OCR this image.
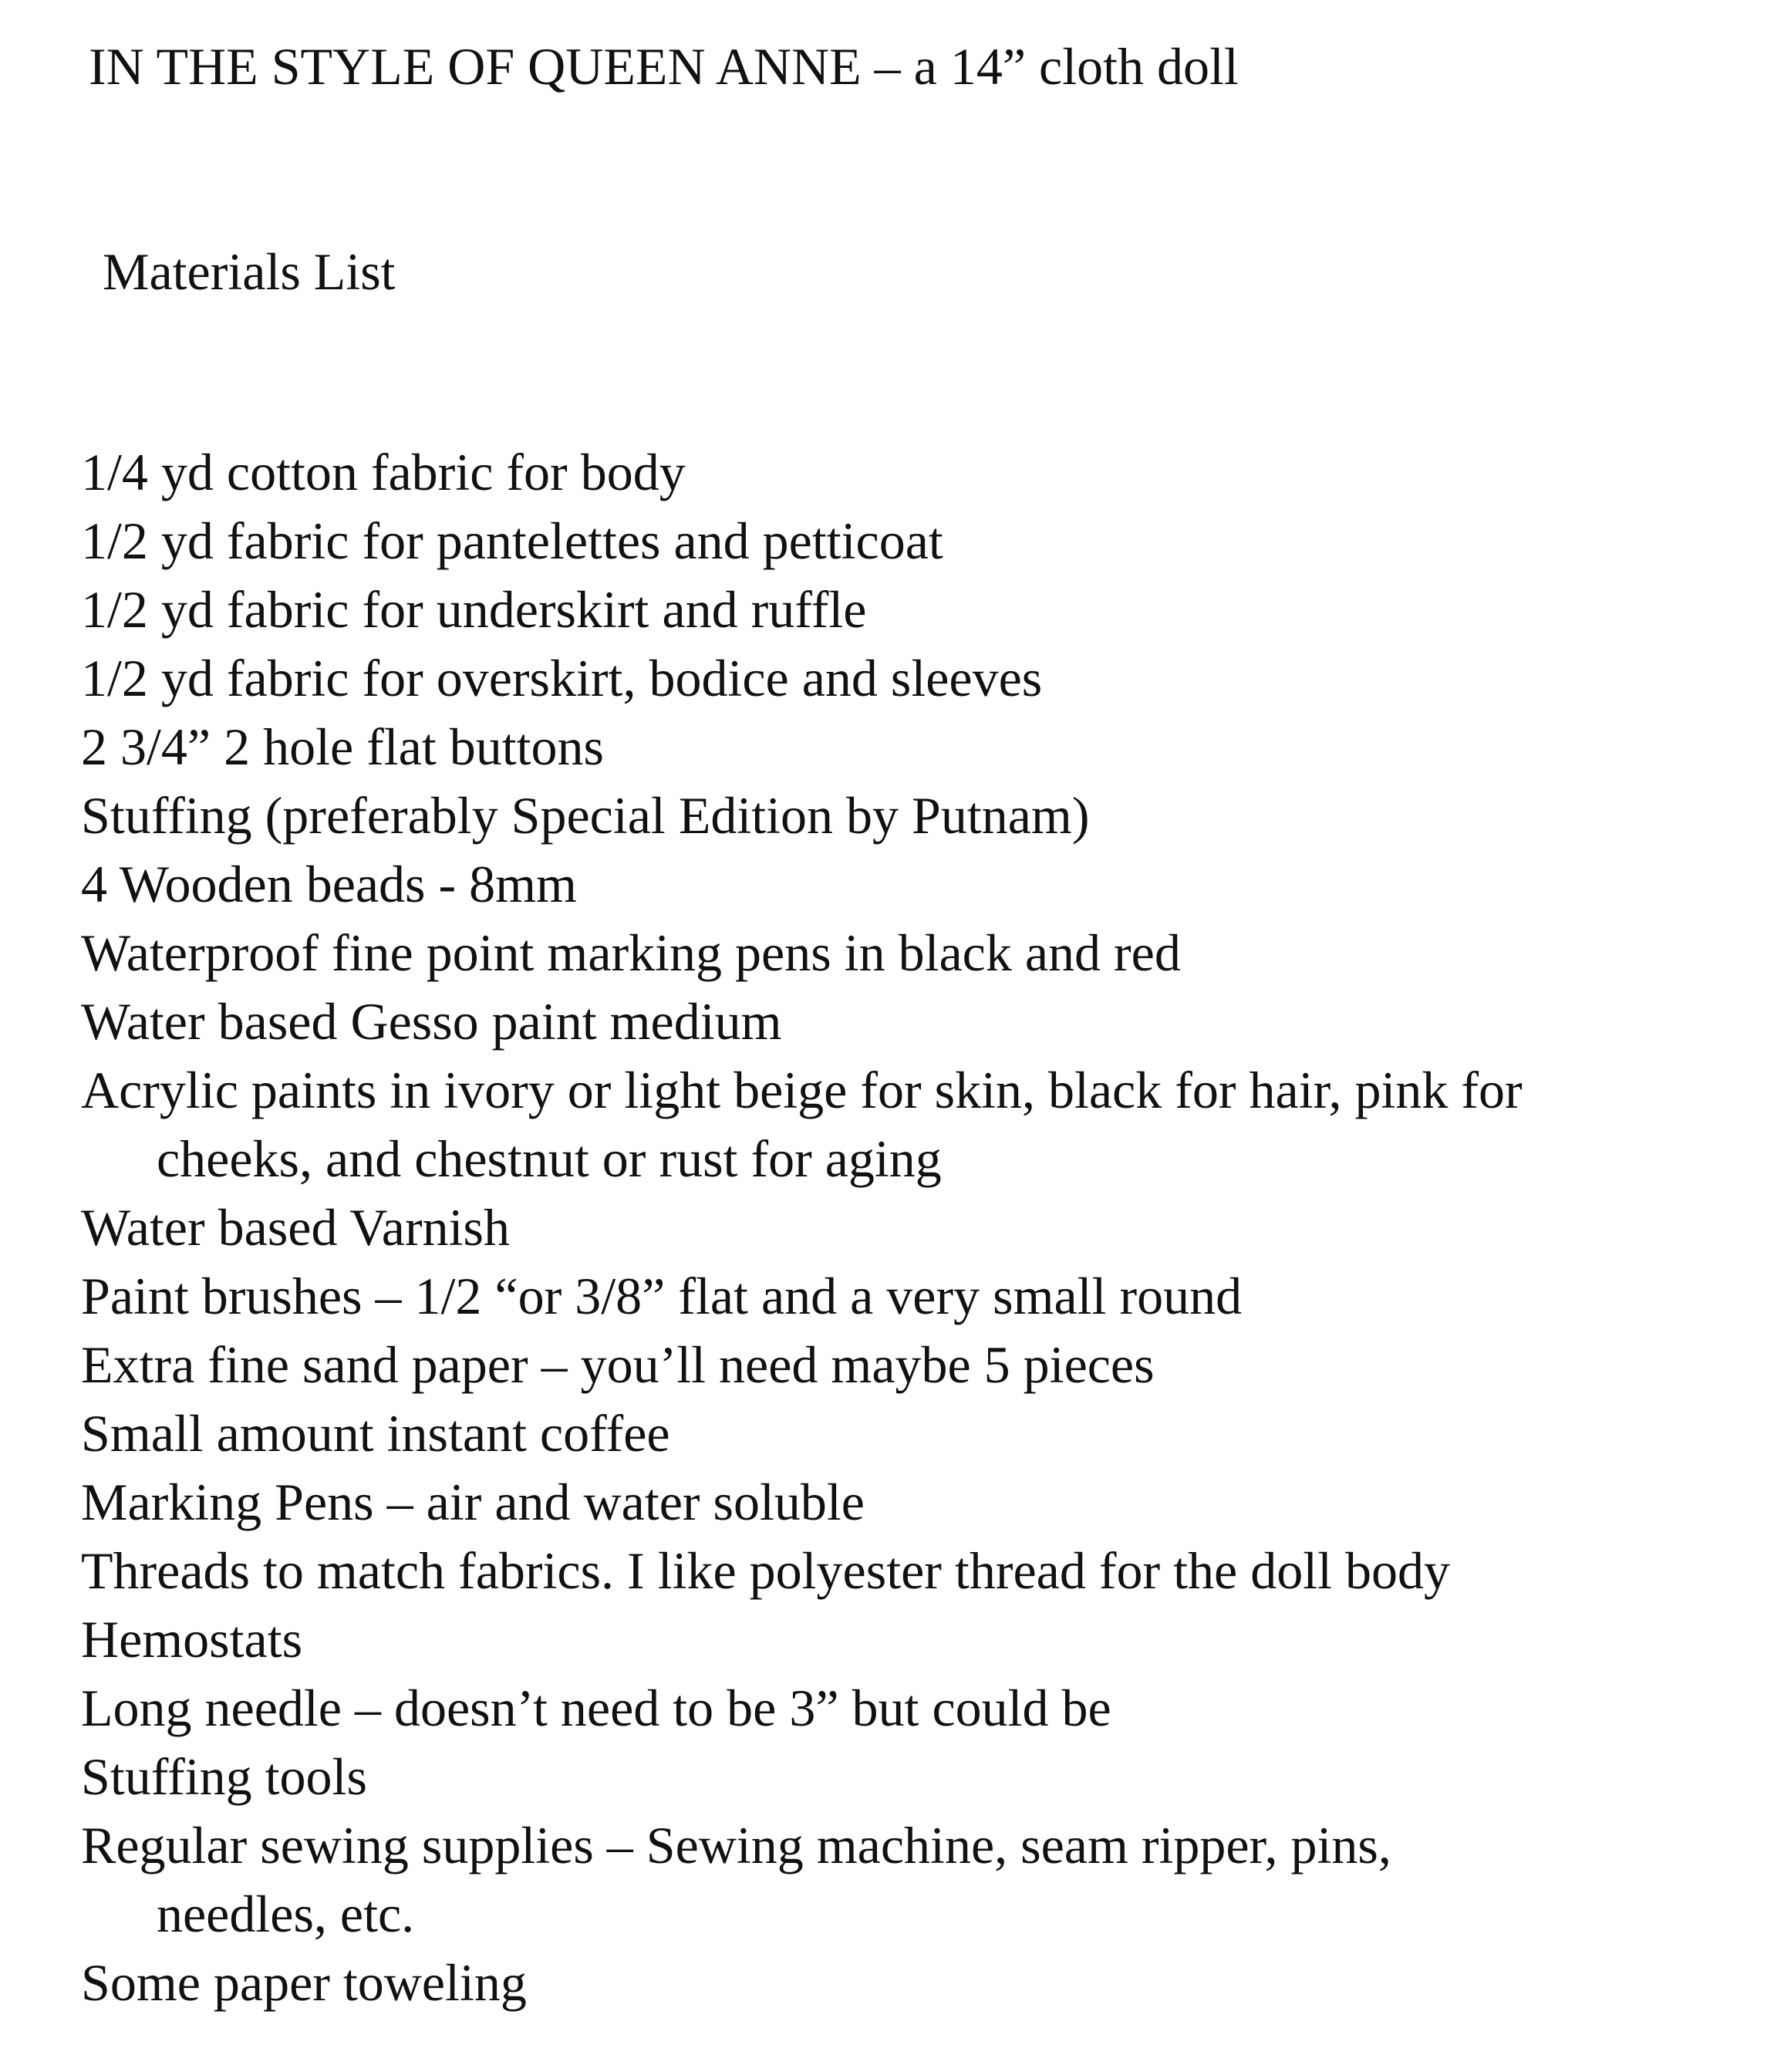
IN THE STYLE OF QUEEN ANNE – a 14” cloth doll
Materials List
1/4 yd cotton fabric for body
1/2 yd fabric for pantelettes and petticoat
1/2 yd fabric for underskirt and ruffle
1/2 yd fabric for overskirt, bodice and sleeves
2 3/4” 2 hole flat buttons
Stuffing (preferably Special Edition by Putnam)
4 Wooden beads - 8mm
Waterproof fine point marking pens in black and red
Water based Gesso paint medium
Acrylic paints in ivory or light beige for skin, black for hair, pink for
cheeks, and chestnut or rust for aging
Water based Varnish
Paint brushes – 1/2 “or 3/8” flat and a very small round
Extra fine sand paper – you’ll need maybe 5 pieces
Small amount instant coffee
Marking Pens – air and water soluble
Threads to match fabrics. I like polyester thread for the doll body
Hemostats
Long needle – doesn’t need to be 3” but could be
Stuffing tools
Regular sewing supplies – Sewing machine, seam ripper, pins,
needles, etc.
Some paper toweling
